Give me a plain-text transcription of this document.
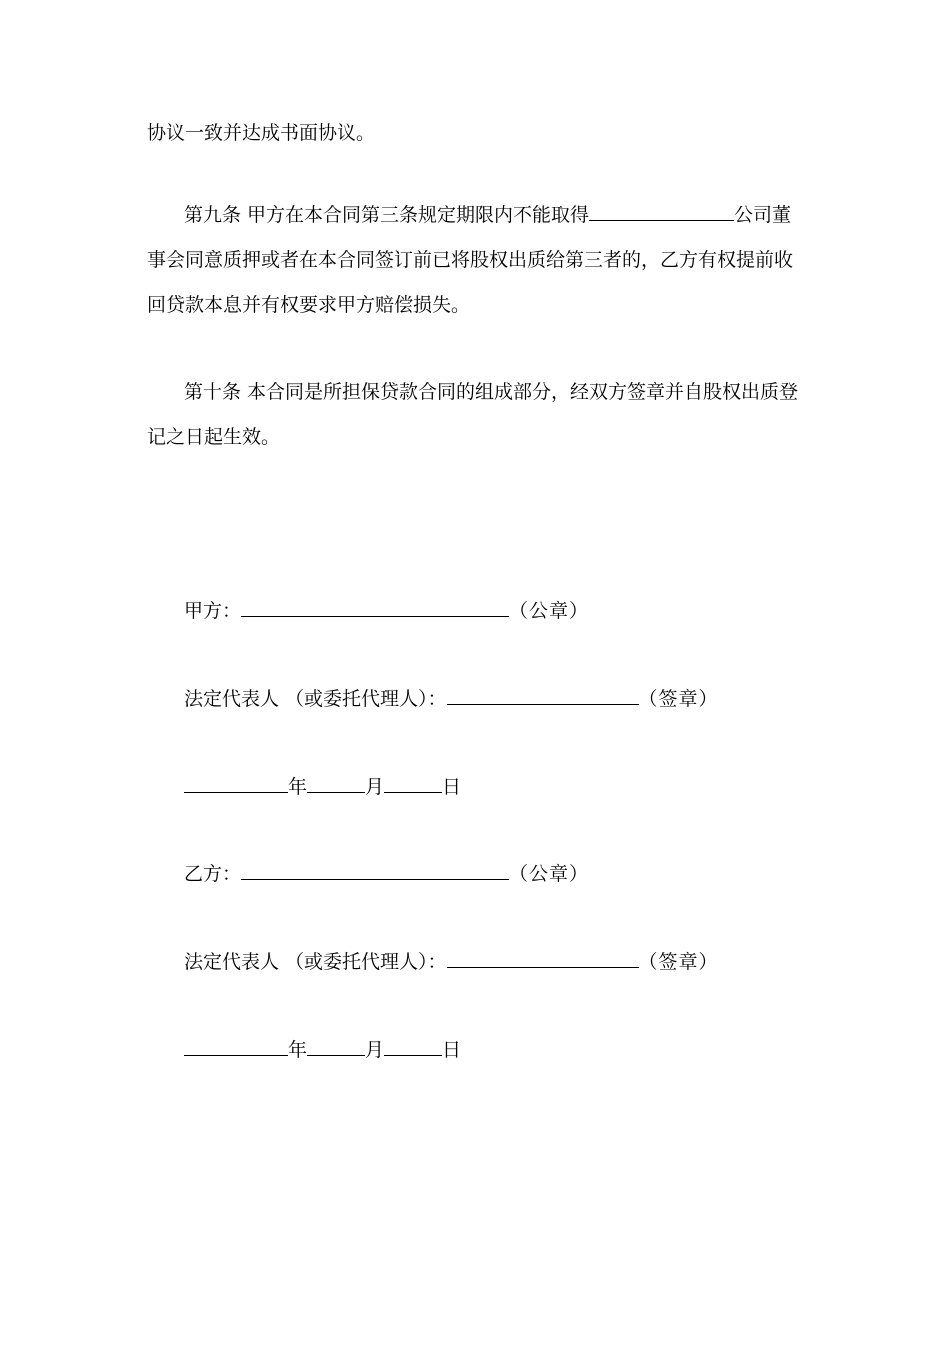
协议一致并达成书面协议。
第九条 甲方在本合同第三条规定期限内不能取得	公司董
事会同意质押或者在本合同签订前已将股权出质给第三者的，乙方有权提前收
回贷款本息并有权要求甲方赔偿损失。
第十条 本合同是所担保贷款合同的组成部分，经双方签章并自股权出质登
记之日起生效。
甲方：	（公章）
法定代表人 （或委托代理人）：	（签章）
年	月	日
乙方：	（公章）
法定代表人 （或委托代理人）：	（签章）
年	月	日
